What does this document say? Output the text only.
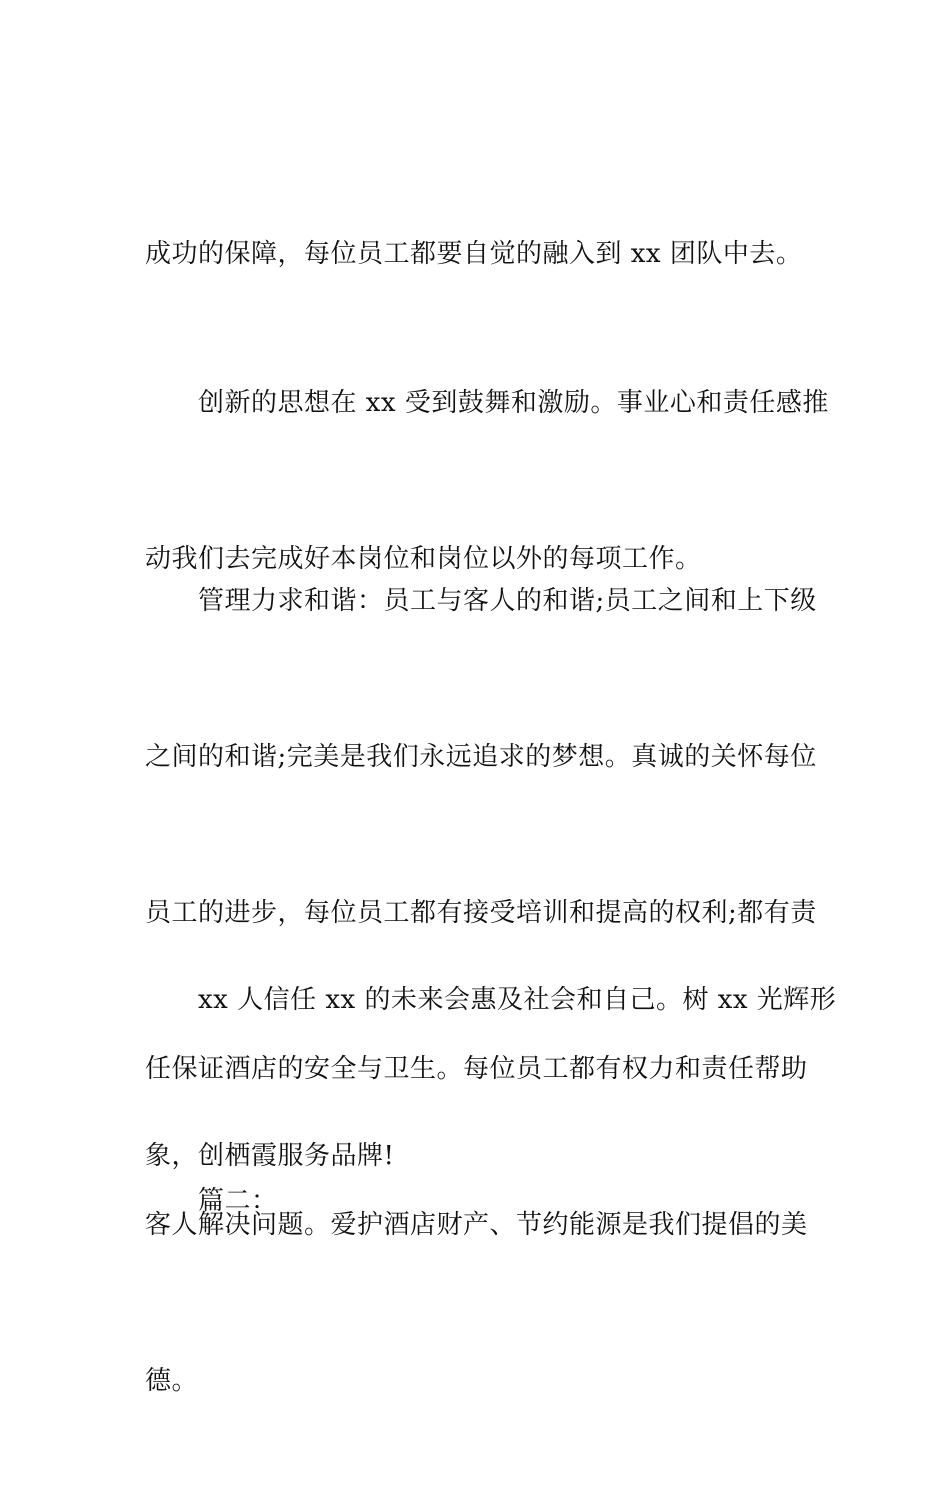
成功的保障，每位员工都要自觉的融入到 xx 团队中去。

创新的思想在 xx 受到鼓舞和激励。事业心和责任感推

动我们去完成好本岗位和岗位以外的每项工作。

管理力求和谐：员工与客人的和谐;员工之间和上下级

之间的和谐;完美是我们永远追求的梦想。真诚的关怀每位

员工的进步，每位员工都有接受培训和提高的权利;都有责

任保证酒店的安全与卫生。每位员工都有权力和责任帮助

客人解决问题。爱护酒店财产、节约能源是我们提倡的美

德。

xx 人信任 xx 的未来会惠及社会和自己。树 xx 光辉形

象，创栖霞服务品牌!

篇二：
